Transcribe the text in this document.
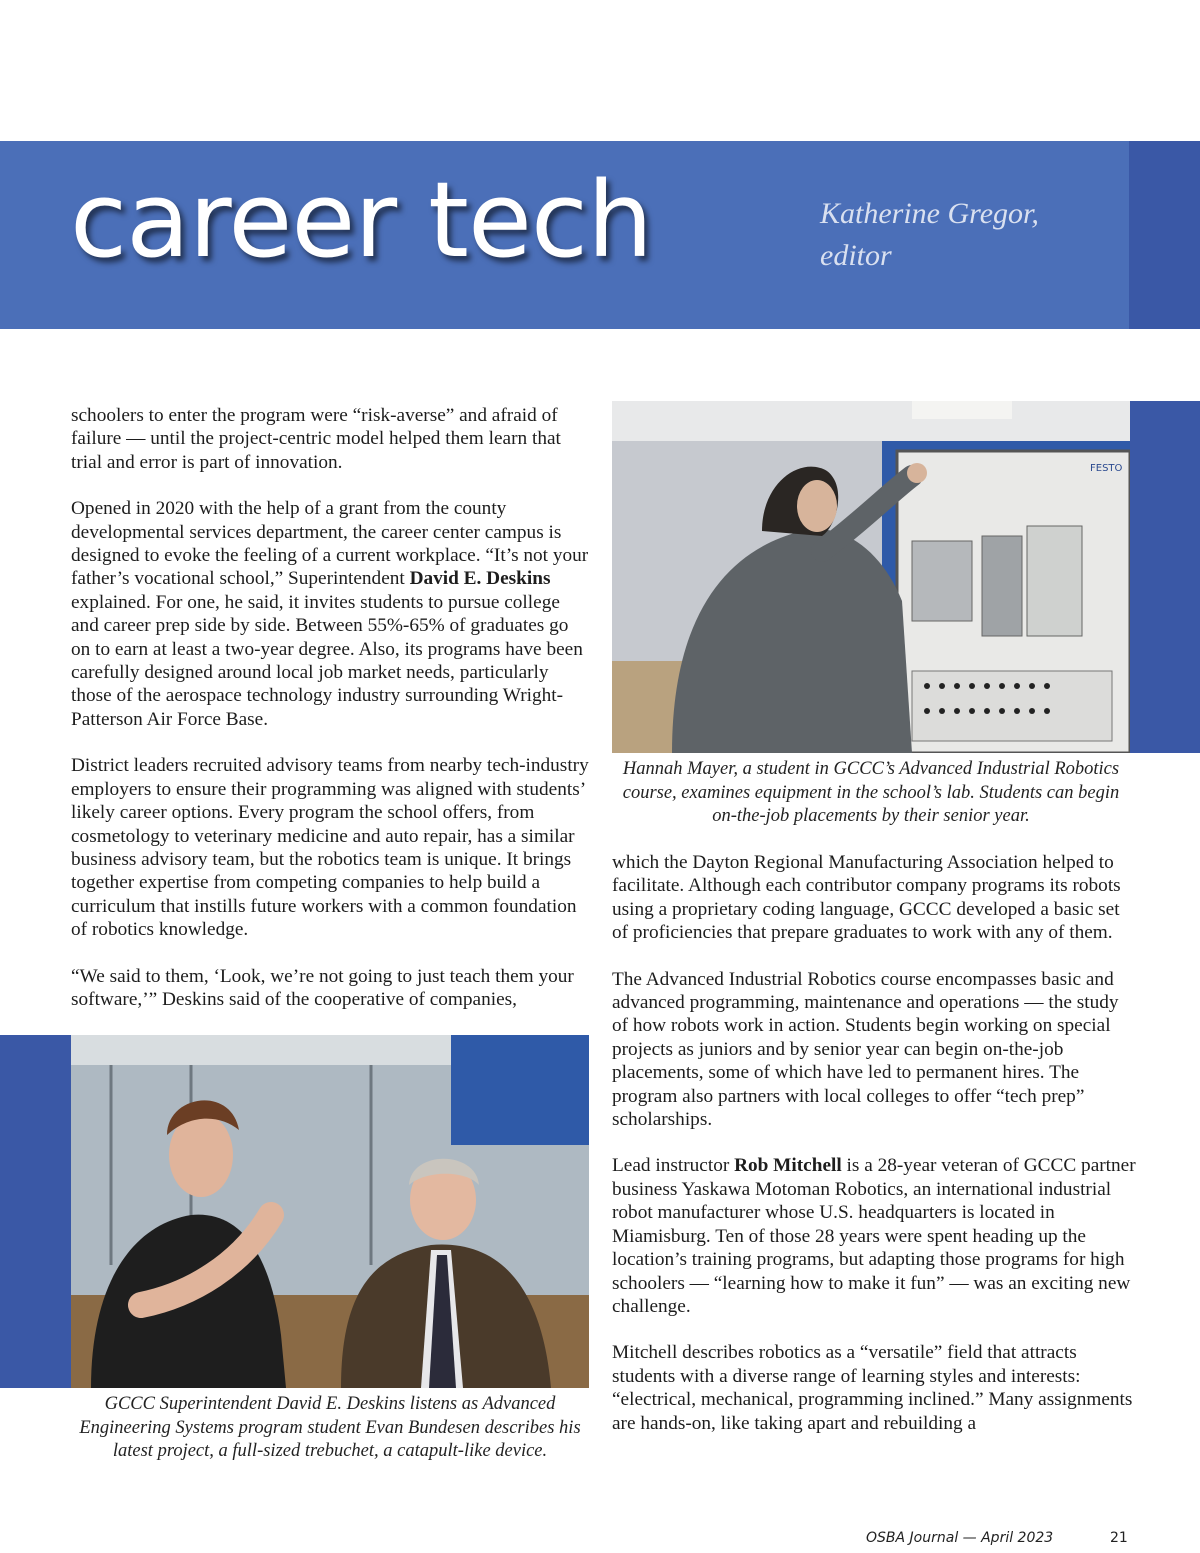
career tech	Katherine Gregor,
editor

schoolers to enter the program were “risk-averse” and afraid of failure — until the project-centric model helped them learn that trial and error is part of innovation.

Opened in 2020 with the help of a grant from the county developmental services department, the career center campus is designed to evoke the feeling of a current workplace. “It’s not your father’s vocational school,” Superintendent David E. Deskins explained. For one, he said, it invites students to pursue college and career prep side by side. Between 55%-65% of graduates go on to earn at least a two-year degree. Also, its programs have been carefully designed around local job market needs, particularly those of the aerospace technology industry surrounding Wright-Patterson Air Force Base.

District leaders recruited advisory teams from nearby tech-industry employers to ensure their programming was aligned with students’ likely career options. Every program the school offers, from cosmetology to veterinary medicine and auto repair, has a similar business advisory team, but the robotics team is unique. It brings together expertise from competing companies to help build a curriculum that instills future workers with a common foundation of robotics knowledge.

“We said to them, ‘Look, we’re not going to just teach them your software,’” Deskins said of the cooperative of companies,

FESTO
Hannah Mayer, a student in GCCC’s Advanced Industrial Robotics course, examines equipment in the school’s lab. Students can begin on-the-job placements by their senior year.
GCCC Superintendent David E. Deskins listens as Advanced Engineering Systems program student Evan Bundesen describes his latest project, a full-sized trebuchet, a catapult-like device.

which the Dayton Regional Manufacturing Association helped to facilitate. Although each contributor company programs its robots using a proprietary coding language, GCCC developed a basic set of proficiencies that prepare graduates to work with any of them.

The Advanced Industrial Robotics course encompasses basic and advanced programming, maintenance and operations — the study of how robots work in action. Students begin working on special projects as juniors and by senior year can begin on-the-job placements, some of which have led to permanent hires. The program also partners with local colleges to offer “tech prep” scholarships.

Lead instructor Rob Mitchell is a 28-year veteran of GCCC partner business Yaskawa Motoman Robotics, an international industrial robot manufacturer whose U.S. headquarters is located in Miamisburg. Ten of those 28 years were spent heading up the location’s training programs, but adapting those programs for high schoolers — “learning how to make it fun” — was an exciting new challenge.

Mitchell describes robotics as a “versatile” field that attracts students with a diverse range of learning styles and interests: “electrical, mechanical, programming inclined.” Many assignments are hands-on, like taking apart and rebuilding a

OSBA Journal — April 2023	21
